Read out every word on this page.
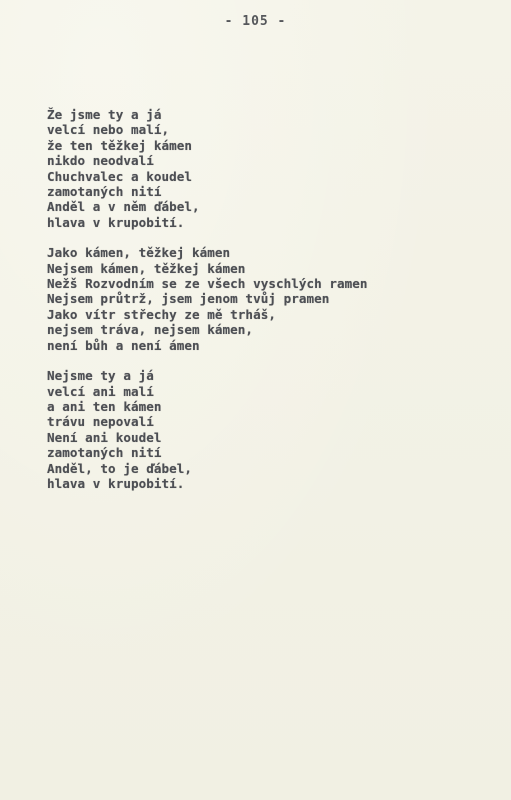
- 105 -
Že jsme ty a já
velcí nebo malí,
že ten těžkej kámen
nikdo neodvalí
Chuchvalec a koudel
zamotaných nití
Anděl a v něm ďábel,
hlava v krupobití.
Jako kámen, těžkej kámen
Nejsem kámen, těžkej kámen
Nežš Rozvodním se ze všech vyschlých ramen
Nejsem průtrž, jsem jenom tvůj pramen
Jako vítr střechy ze mě trháš,
nejsem tráva, nejsem kámen,
není bůh a není ámen
Nejsme ty a já
velcí ani malí
a ani ten kámen
trávu nepovalí
Není ani koudel
zamotaných nití
Anděl, to je ďábel,
hlava v krupobití.
